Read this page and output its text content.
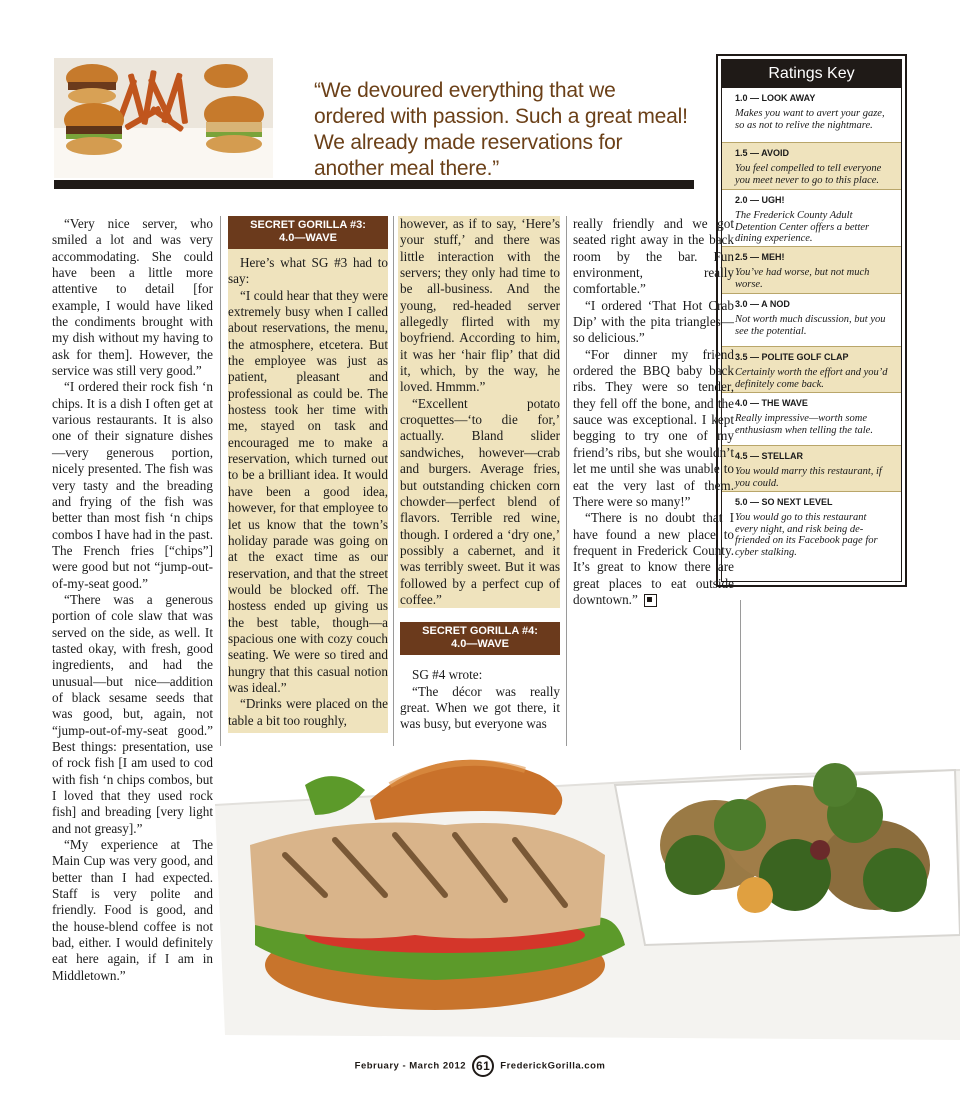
“We devoured everything that we ordered with passion. Such a great meal! We already made reservations for another meal there.”
Ratings Key
1.0 — LOOK AWAY
Makes you want to avert your gaze, so as not to relive the nightmare.
1.5 — AVOID
You feel compelled to tell everyone you meet never to go to this place.
2.0 — UGH!
The Frederick County Adult Detention Center offers a better dining experience.
2.5 — MEH!
You’ve had worse, but not much worse.
3.0 — A NOD
Not worth much discussion, but you see the potential.
3.5 — POLITE GOLF CLAP
Certainly worth the effort and you’d definitely come back.
4.0 — THE WAVE
Really impressive—worth some enthusiasm when telling the tale.
4.5 — STELLAR
You would marry this restaurant, if you could.
5.0 — SO NEXT LEVEL
You would go to this restaurant every night, and risk being de-friended on its Facebook page for cyber stalking.

“Very nice server, who smiled a lot and was very accommodating. She could have been a little more attentive to detail [for example, I would have liked the condiments brought with my dish without my having to ask for them]. However, the service was still very good.”

“I ordered their rock fish ‘n chips. It is a dish I often get at various restaurants. It is also one of their signature dishes—very generous portion, nicely presented. The fish was very tasty and the breading and frying of the fish was better than most fish ‘n chips combos I have had in the past. The French fries [“chips”] were good but not “jump-out-of-my-seat good.”

“There was a generous portion of cole slaw that was served on the side, as well. It tasted okay, with fresh, good ingredients, and had the unusual—but nice—addition of black sesame seeds that was good, but, again, not “jump-out-of-my-seat good.” Best things: presentation, use of rock fish [I am used to cod with fish ‘n chips combos, but I loved that they used rock fish] and breading [very light and not greasy].”

“My experience at The Main Cup was very good, and better than I had expected. Staff is very polite and friendly. Food is good, and the house-blend coffee is not bad, either. I would definitely eat here again, if I am in Middletown.”

SECRET GORILLA #3:
4.0—WAVE

Here’s what SG #3 had to say:

“I could hear that they were extremely busy when I called about reservations, the menu, the atmosphere, etcetera. But the employee was just as patient, pleasant and professional as could be. The hostess took her time with me, stayed on task and encouraged me to make a reservation, which turned out to be a brilliant idea. It would have been a good idea, however, for that employee to let us know that the town’s holiday parade was going on at the exact time as our reservation, and that the street would be blocked off. The hostess ended up giving us the best table, though—a spacious one with cozy couch seating. We were so tired and hungry that this casual notion was ideal.”

“Drinks were placed on the table a bit too roughly,

however, as if to say, ‘Here’s your stuff,’ and there was little interaction with the servers; they only had time to be all-business. And the young, red-headed server allegedly flirted with my boyfriend. According to him, it was her ‘hair flip’ that did it, which, by the way, he loved. Hmmm.”

“Excellent potato croquettes—‘to die for,’ actually. Bland slider sandwiches, however—crab and burgers. Average fries, but outstanding chicken corn chowder—perfect blend of flavors. Terrible red wine, though. I ordered a ‘dry one,’ possibly a cabernet, and it was terribly sweet. But it was followed by a perfect cup of coffee.”

SECRET GORILLA #4:
4.0—WAVE

SG #4 wrote:

“The décor was really great. When we got there, it was busy, but everyone was

really friendly and we got seated right away in the back room by the bar. Fun environment, really comfortable.”

“I ordered ‘That Hot Crab Dip’ with the pita triangles—so delicious.”

“For dinner my friend ordered the BBQ baby back ribs. They were so tender, they fell off the bone, and the sauce was exceptional. I kept begging to try one of my friend’s ribs, but she wouldn’t let me until she was unable to eat the very last of them. There were so many!”

“There is no doubt that I have found a new place to frequent in Frederick County. It’s great to know there are great places to eat outside downtown.”

February - March 2012 61 FrederickGorilla.com
